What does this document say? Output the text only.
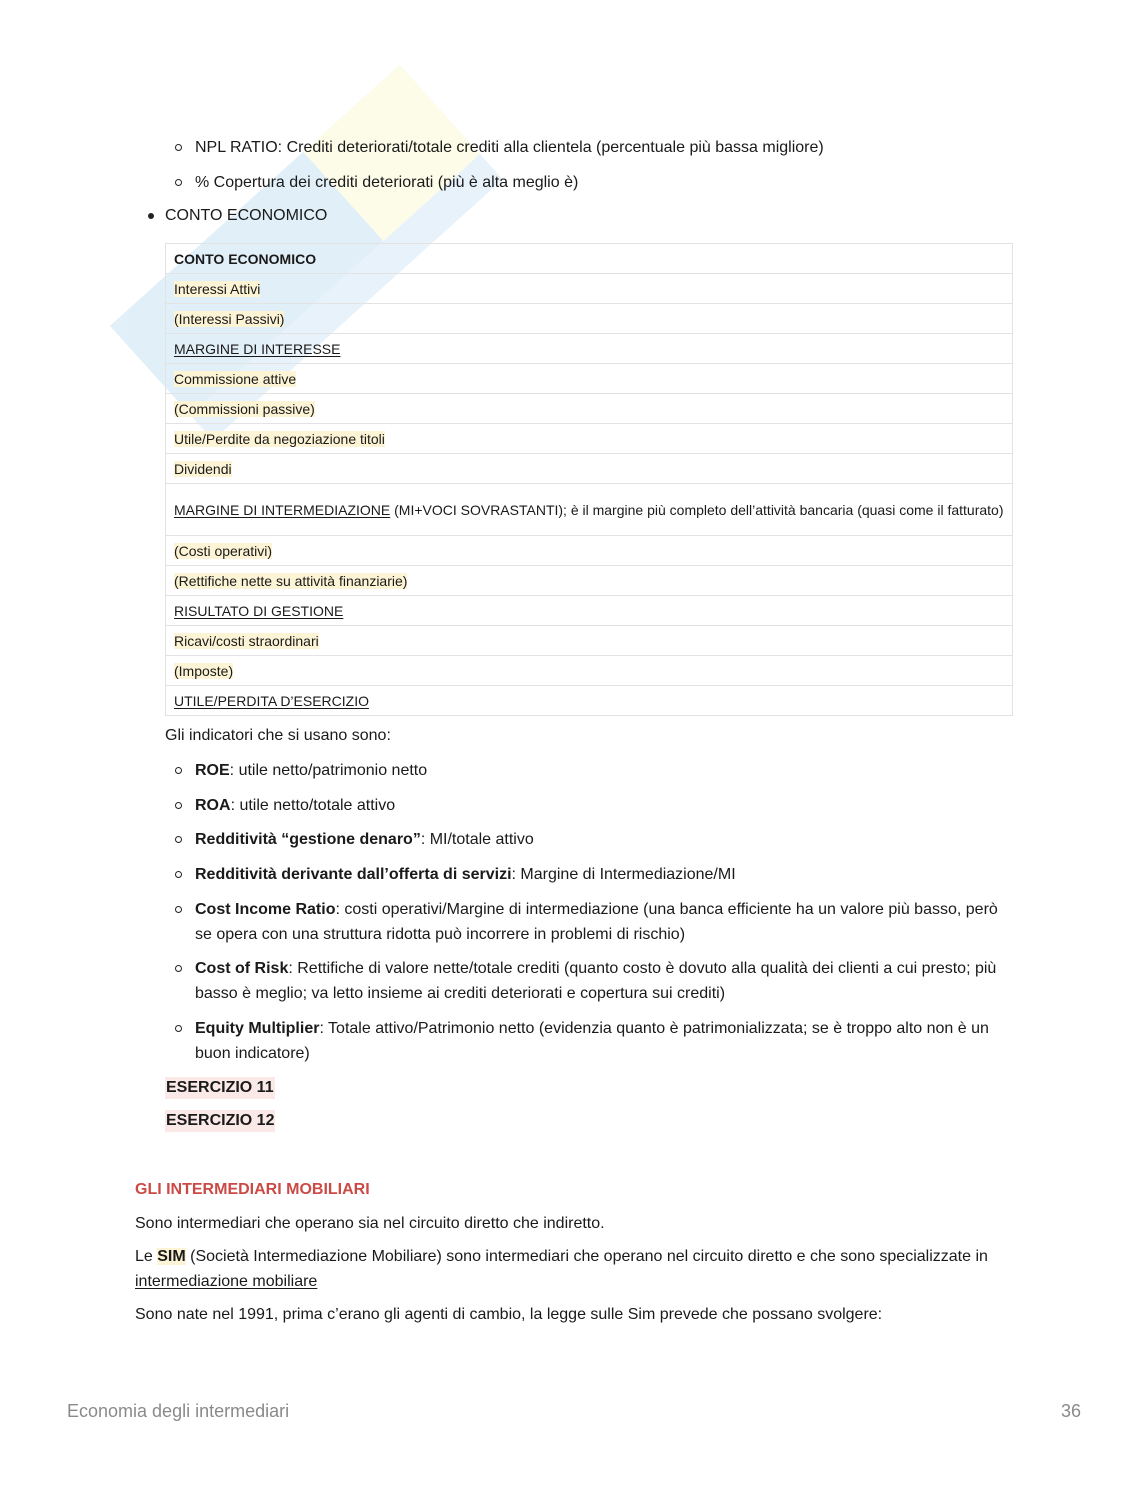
NPL RATIO: Crediti deteriorati/totale crediti alla clientela (percentuale più bassa migliore)
% Copertura dei crediti deteriorati (più è alta meglio è)
CONTO ECONOMICO
CONTO ECONOMICO
Interessi Attivi
(Interessi Passivi)
MARGINE DI INTERESSE
Commissione attive
(Commissioni passive)
Utile/Perdite da negoziazione titoli
Dividendi
MARGINE DI INTERMEDIAZIONE (MI+VOCI SOVRASTANTI); è il margine più completo dell’attività bancaria (quasi come il fatturato)
(Costi operativi)
(Rettifiche nette su attività finanziarie)
RISULTATO DI GESTIONE
Ricavi/costi straordinari
(Imposte)
UTILE/PERDITA D’ESERCIZIO
Gli indicatori che si usano sono:
ROE: utile netto/patrimonio netto
ROA: utile netto/totale attivo
Redditività “gestione denaro”: MI/totale attivo
Redditività derivante dall’offerta di servizi: Margine di Intermediazione/MI
Cost Income Ratio: costi operativi/Margine di intermediazione (una banca efficiente ha un valore più basso, però se opera con una struttura ridotta può incorrere in problemi di rischio)
Cost of Risk: Rettifiche di valore nette/totale crediti (quanto costo è dovuto alla qualità dei clienti a cui presto; più basso è meglio; va letto insieme ai crediti deteriorati e copertura sui crediti)
Equity Multiplier: Totale attivo/Patrimonio netto (evidenzia quanto è patrimonializzata; se è troppo alto non è un buon indicatore)
ESERCIZIO 11
ESERCIZIO 12
GLI INTERMEDIARI MOBILIARI
Sono intermediari che operano sia nel circuito diretto che indiretto.
Le SIM (Società Intermediazione Mobiliare) sono intermediari che operano nel circuito diretto e che sono specializzate in intermediazione mobiliare
Sono nate nel 1991, prima c’erano gli agenti di cambio, la legge sulle Sim prevede che possano svolgere:
Economia degli intermediari	36
